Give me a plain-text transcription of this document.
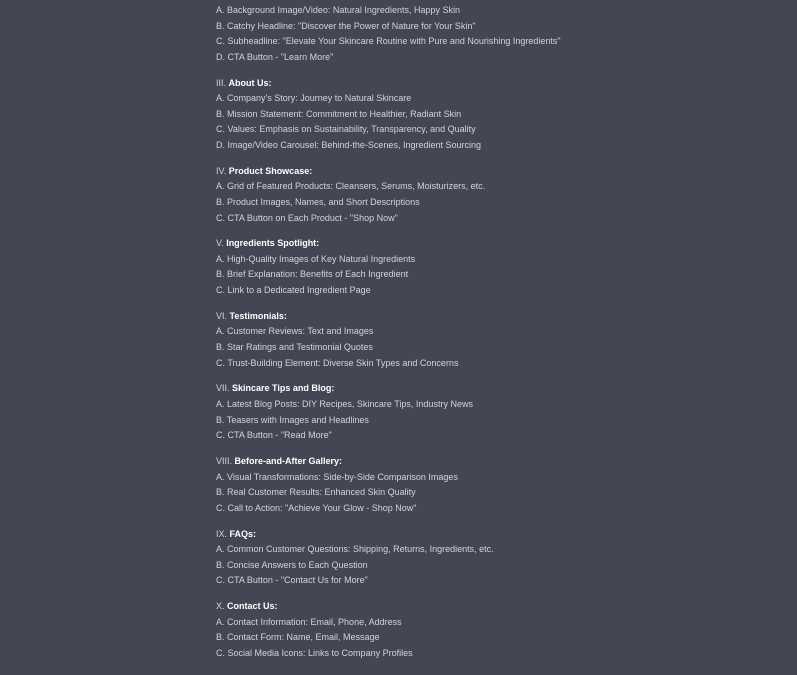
A. Background Image/Video: Natural Ingredients, Happy Skin
B. Catchy Headline: "Discover the Power of Nature for Your Skin"
C. Subheadline: "Elevate Your Skincare Routine with Pure and Nourishing Ingredients"
D. CTA Button - "Learn More"
III. About Us:
A. Company's Story: Journey to Natural Skincare
B. Mission Statement: Commitment to Healthier, Radiant Skin
C. Values: Emphasis on Sustainability, Transparency, and Quality
D. Image/Video Carousel: Behind-the-Scenes, Ingredient Sourcing
IV. Product Showcase:
A. Grid of Featured Products: Cleansers, Serums, Moisturizers, etc.
B. Product Images, Names, and Short Descriptions
C. CTA Button on Each Product - "Shop Now"
V. Ingredients Spotlight:
A. High-Quality Images of Key Natural Ingredients
B. Brief Explanation: Benefits of Each Ingredient
C. Link to a Dedicated Ingredient Page
VI. Testimonials:
A. Customer Reviews: Text and Images
B. Star Ratings and Testimonial Quotes
C. Trust-Building Element: Diverse Skin Types and Concerns
VII. Skincare Tips and Blog:
A. Latest Blog Posts: DIY Recipes, Skincare Tips, Industry News
B. Teasers with Images and Headlines
C. CTA Button - "Read More"
VIII. Before-and-After Gallery:
A. Visual Transformations: Side-by-Side Comparison Images
B. Real Customer Results: Enhanced Skin Quality
C. Call to Action: "Achieve Your Glow - Shop Now"
IX. FAQs:
A. Common Customer Questions: Shipping, Returns, Ingredients, etc.
B. Concise Answers to Each Question
C. CTA Button - "Contact Us for More"
X. Contact Us:
A. Contact Information: Email, Phone, Address
B. Contact Form: Name, Email, Message
C. Social Media Icons: Links to Company Profiles
